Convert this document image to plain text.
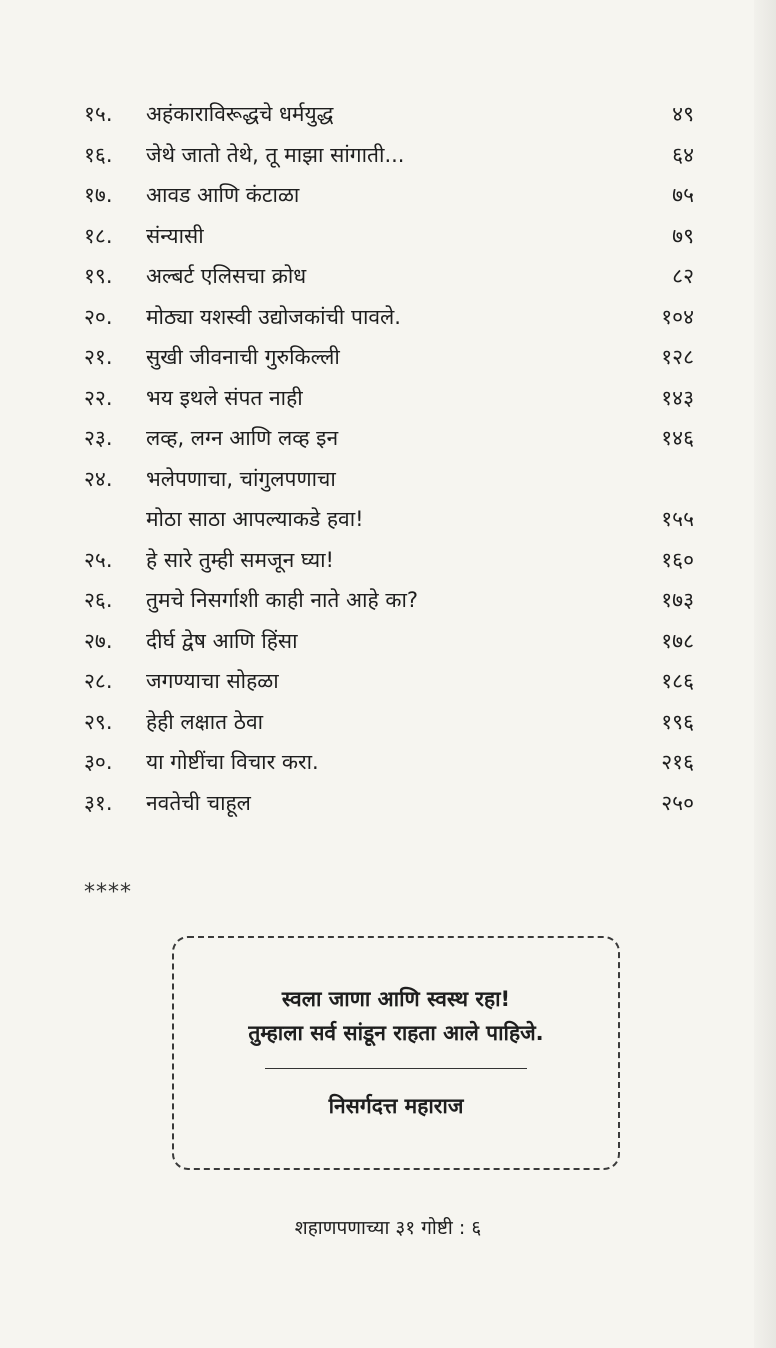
१५. अहंकाराविरूद्धचे धर्मयुद्ध	४९
१६. जेथे जातो तेथे, तू माझा सांगाती...	६४
१७. आवड आणि कंटाळा	७५
१८. संन्यासी	७९
१९. अल्बर्ट एलिसचा क्रोध	८२
२०. मोठ्या यशस्वी उद्योजकांची पावले.	१०४
२१. सुखी जीवनाची गुरुकिल्ली	१२८
२२. भय इथले संपत नाही	१४३
२३. लव्ह, लग्न आणि लव्ह इन	१४६
२४. भलेपणाचा, चांगुलपणाचा
मोठा साठा आपल्याकडे हवा!	१५५
२५. हे सारे तुम्ही समजून घ्या!	१६०
२६. तुमचे निसर्गाशी काही नाते आहे का?	१७३
२७. दीर्घ द्वेष आणि हिंसा	१७८
२८. जगण्याचा सोहळा	१८६
२९. हेही लक्षात ठेवा	१९६
३०. या गोष्टींचा विचार करा.	२१६
३१. नवतेची चाहूल	२५०
****
स्वला जाणा आणि स्वस्थ रहा!
तुम्हाला सर्व सांडून राहता आले पाहिजे.
निसर्गदत्त महाराज
शहाणपणाच्या ३१ गोष्टी : ६
